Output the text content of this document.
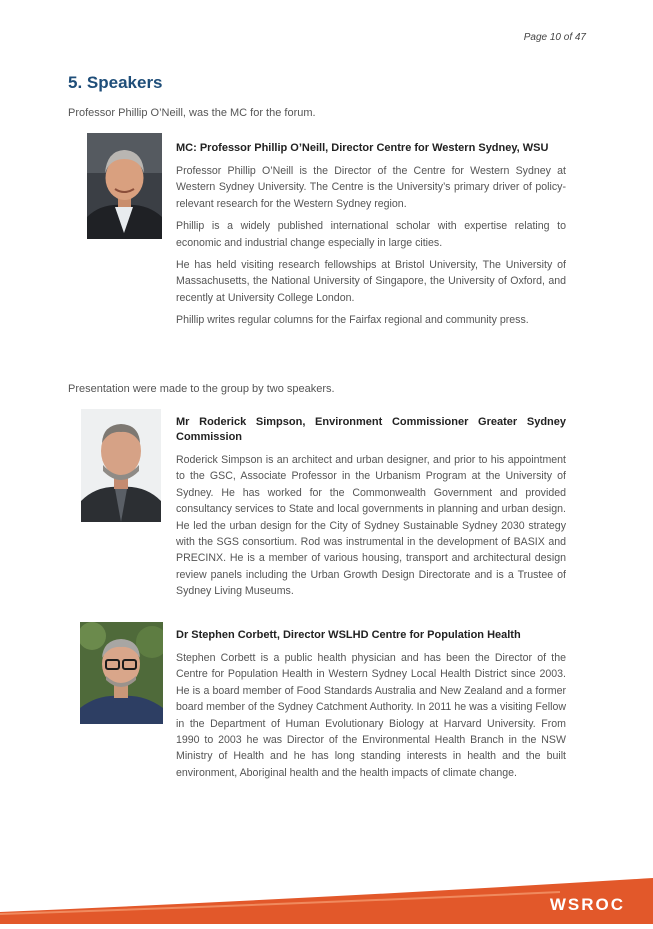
Page 10 of 47
5. Speakers

Professor Phillip O’Neill, was the MC for the forum.

MC: Professor Phillip O’Neill, Director Centre for Western Sydney, WSU

Professor Phillip O’Neill is the Director of the Centre for Western Sydney at Western Sydney University. The Centre is the University’s primary driver of policy-relevant research for the Western Sydney region.

Phillip is a widely published international scholar with expertise relating to economic and industrial change especially in large cities.

He has held visiting research fellowships at Bristol University, The University of Massachusetts, the National University of Singapore, the University of Oxford, and recently at University College London.

Phillip writes regular columns for the Fairfax regional and community press.

Presentation were made to the group by two speakers.

Mr Roderick Simpson, Environment Commissioner Greater Sydney Commission

Roderick Simpson is an architect and urban designer, and prior to his appointment to the GSC, Associate Professor in the Urbanism Program at the University of Sydney. He has worked for the Commonwealth Government and provided consultancy services to State and local governments in planning and urban design. He led the urban design for the City of Sydney Sustainable Sydney 2030 strategy with the SGS consortium. Rod was instrumental in the development of BASIX and PRECINX. He is a member of various housing, transport and architectural design review panels including the Urban Growth Design Directorate and is a Trustee of Sydney Living Museums.

Dr Stephen Corbett, Director WSLHD Centre for Population Health

Stephen Corbett is a public health physician and has been the Director of the Centre for Population Health in Western Sydney Local Health District since 2003. He is a board member of Food Standards Australia and New Zealand and a former board member of the Sydney Catchment Authority. In 2011 he was a visiting Fellow in the Department of Human Evolutionary Biology at Harvard University. From 1990 to 2003 he was Director of the Environmental Health Branch in the NSW Ministry of Health and he has long standing interests in health and the built environment, Aboriginal health and the health impacts of climate change.

WSROC
